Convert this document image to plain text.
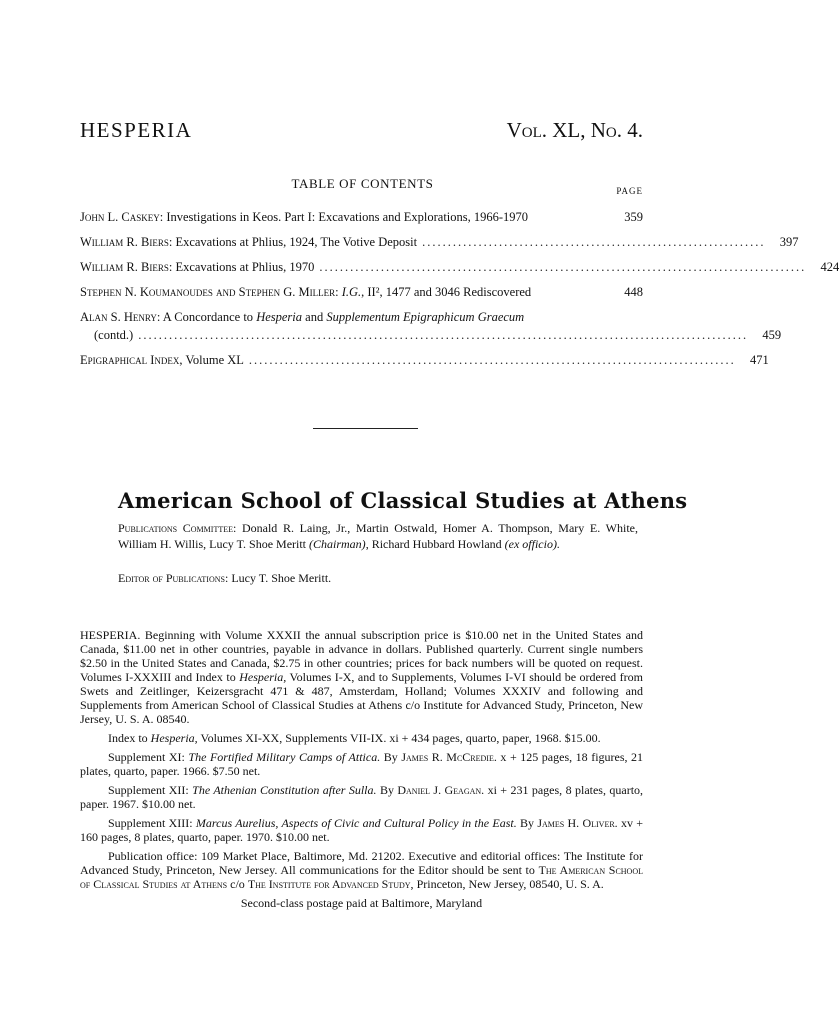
HESPERIA	Vol. XL, No. 4.
TABLE OF CONTENTS	PAGE
John L. Caskey: Investigations in Keos. Part I: Excavations and Explorations, 1966-1970	359
William R. Biers: Excavations at Phlius, 1924, The Votive Deposit ...................................................................	397
William R. Biers: Excavations at Phlius, 1970 ...............................................................................................	424
Stephen N. Koumanoudes and Stephen G. Miller: I.G., II², 1477 and 3046 Rediscovered	448
Alan S. Henry: A Concordance to Hesperia and Supplementum Epigraphicum Graecum
(contd.) .......................................................................................................................	459
Epigraphical Index, Volume XL ...............................................................................................	471
American School of Classical Studies at Athens

Publications Committee: Donald R. Laing, Jr., Martin Ostwald, Homer A. Thompson, Mary E. White, William H. Willis, Lucy T. Shoe Meritt (Chairman), Richard Hubbard Howland (ex officio).

Editor of Publications: Lucy T. Shoe Meritt.

HESPERIA. Beginning with Volume XXXII the annual subscription price is $10.00 net in the United States and Canada, $11.00 net in other countries, payable in advance in dollars. Published quarterly. Current single numbers $2.50 in the United States and Canada, $2.75 in other countries; prices for back numbers will be quoted on request. Volumes I-XXXIII and Index to Hesperia, Volumes I-X, and to Supplements, Volumes I-VI should be ordered from Swets and Zeitlinger, Keizersgracht 471 & 487, Amsterdam, Holland; Volumes XXXIV and following and Supplements from American School of Classical Studies at Athens c/o Institute for Advanced Study, Princeton, New Jersey, U. S. A. 08540.

Index to Hesperia, Volumes XI-XX, Supplements VII-IX. xi + 434 pages, quarto, paper, 1968. $15.00.

Supplement XI: The Fortified Military Camps of Attica. By James R. McCredie. x + 125 pages, 18 figures, 21 plates, quarto, paper. 1966. $7.50 net.

Supplement XII: The Athenian Constitution after Sulla. By Daniel J. Geagan. xi + 231 pages, 8 plates, quarto, paper. 1967. $10.00 net.

Supplement XIII: Marcus Aurelius, Aspects of Civic and Cultural Policy in the East. By James H. Oliver. xv + 160 pages, 8 plates, quarto, paper. 1970. $10.00 net.

Publication office: 109 Market Place, Baltimore, Md. 21202. Executive and editorial offices: The Institute for Advanced Study, Princeton, New Jersey. All communications for the Editor should be sent to The American School of Classical Studies at Athens c/o The Institute for Advanced Study, Princeton, New Jersey, 08540, U. S. A.

Second-class postage paid at Baltimore, Maryland
